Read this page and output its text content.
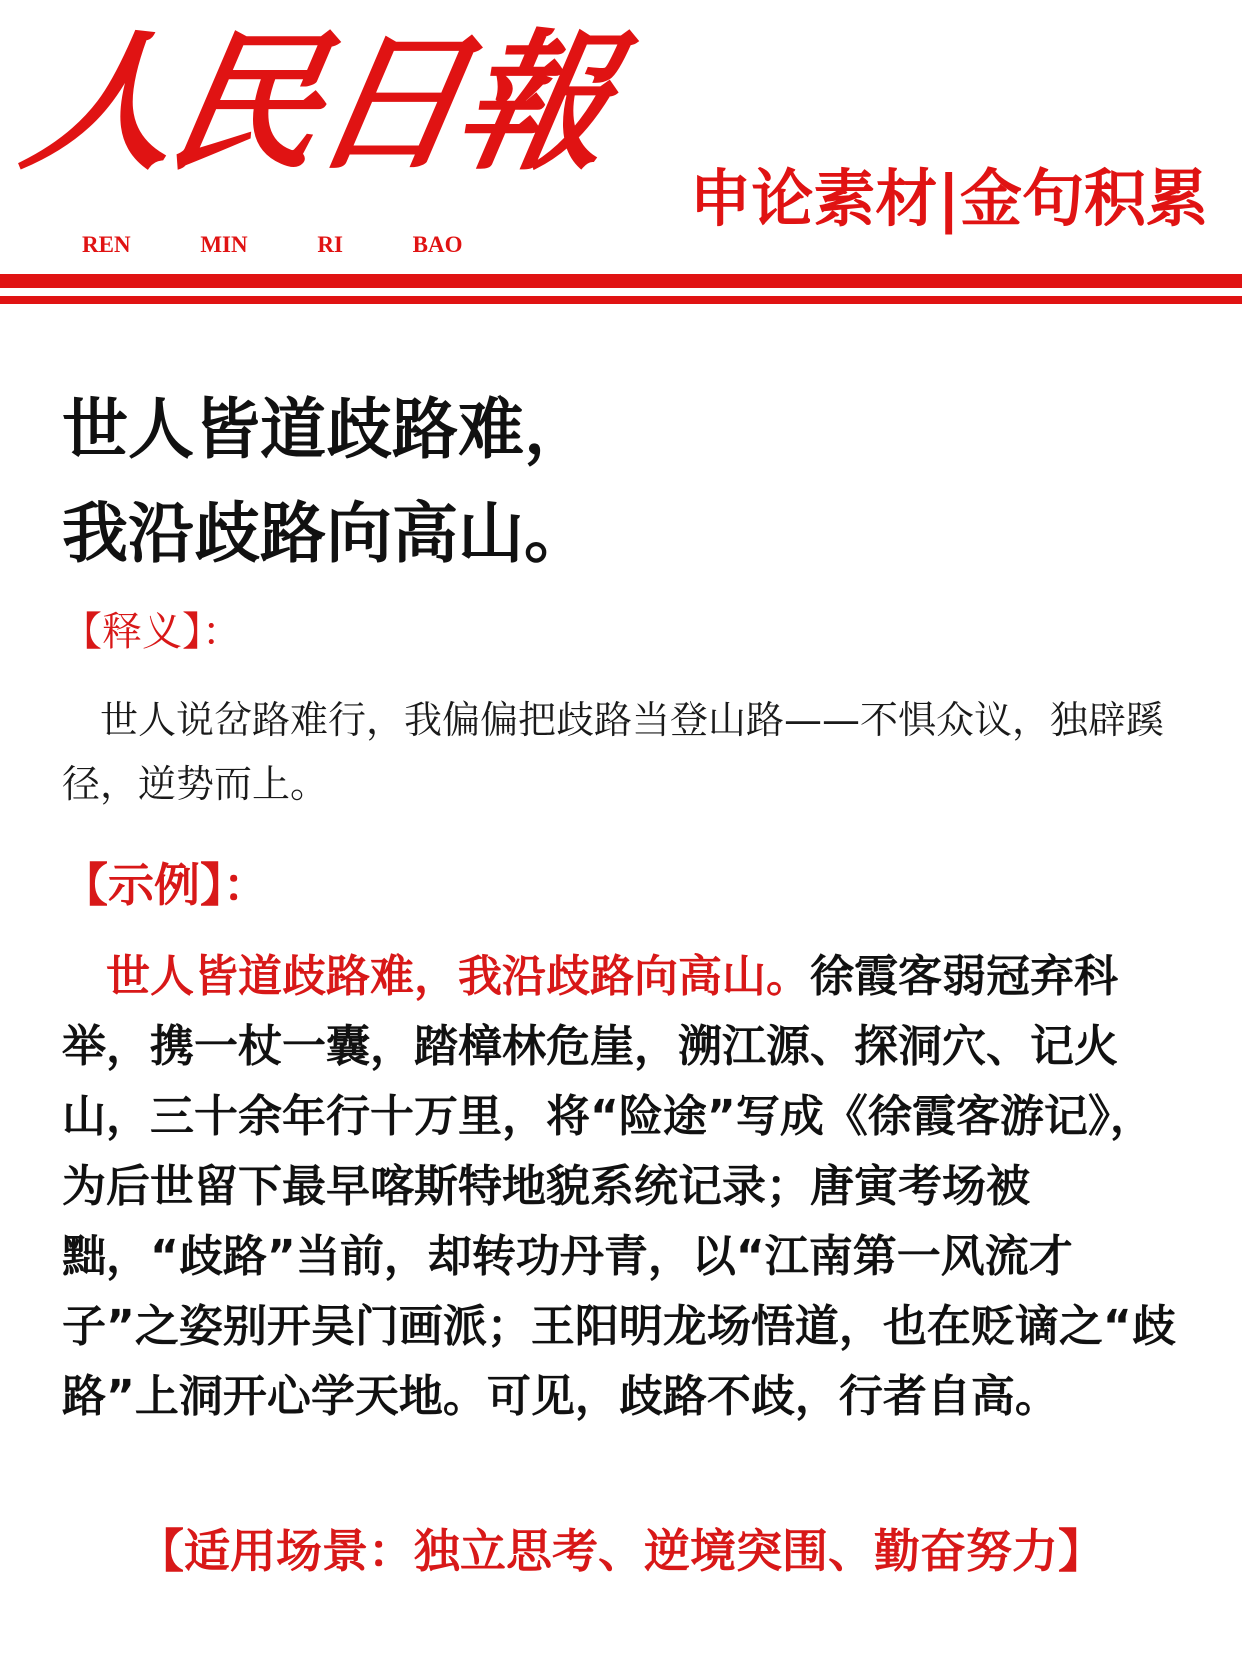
人民日報
REN	MIN	RI	BAO
申论素材|金句积累
世人皆道歧路难，
我沿歧路向高山。
【释义】：

世人说岔路难行，我偏偏把歧路当登山路——不惧众议，独辟蹊径，逆势而上。

【示例】：

世人皆道歧路难，我沿歧路向高山。徐霞客弱冠弃科举，携一杖一囊，踏樟林危崖，溯江源、探洞穴、记火山，三十余年行十万里，将“险途”写成《徐霞客游记》，为后世留下最早喀斯特地貌系统记录；唐寅考场被黜，“歧路”当前，却转功丹青，以“江南第一风流才子”之姿别开吴门画派；王阳明龙场悟道，也在贬谪之“歧路”上洞开心学天地。可见，歧路不歧，行者自高。

【适用场景：独立思考、逆境突围、勤奋努力】
